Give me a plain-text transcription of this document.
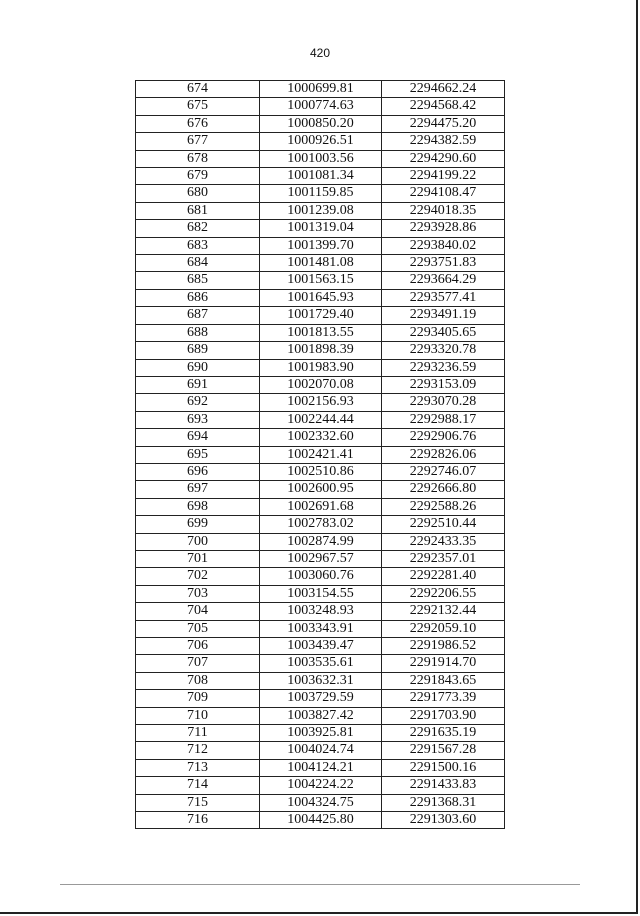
420
674	1000699.81	2294662.24
675	1000774.63	2294568.42
676	1000850.20	2294475.20
677	1000926.51	2294382.59
678	1001003.56	2294290.60
679	1001081.34	2294199.22
680	1001159.85	2294108.47
681	1001239.08	2294018.35
682	1001319.04	2293928.86
683	1001399.70	2293840.02
684	1001481.08	2293751.83
685	1001563.15	2293664.29
686	1001645.93	2293577.41
687	1001729.40	2293491.19
688	1001813.55	2293405.65
689	1001898.39	2293320.78
690	1001983.90	2293236.59
691	1002070.08	2293153.09
692	1002156.93	2293070.28
693	1002244.44	2292988.17
694	1002332.60	2292906.76
695	1002421.41	2292826.06
696	1002510.86	2292746.07
697	1002600.95	2292666.80
698	1002691.68	2292588.26
699	1002783.02	2292510.44
700	1002874.99	2292433.35
701	1002967.57	2292357.01
702	1003060.76	2292281.40
703	1003154.55	2292206.55
704	1003248.93	2292132.44
705	1003343.91	2292059.10
706	1003439.47	2291986.52
707	1003535.61	2291914.70
708	1003632.31	2291843.65
709	1003729.59	2291773.39
710	1003827.42	2291703.90
711	1003925.81	2291635.19
712	1004024.74	2291567.28
713	1004124.21	2291500.16
714	1004224.22	2291433.83
715	1004324.75	2291368.31
716	1004425.80	2291303.60
